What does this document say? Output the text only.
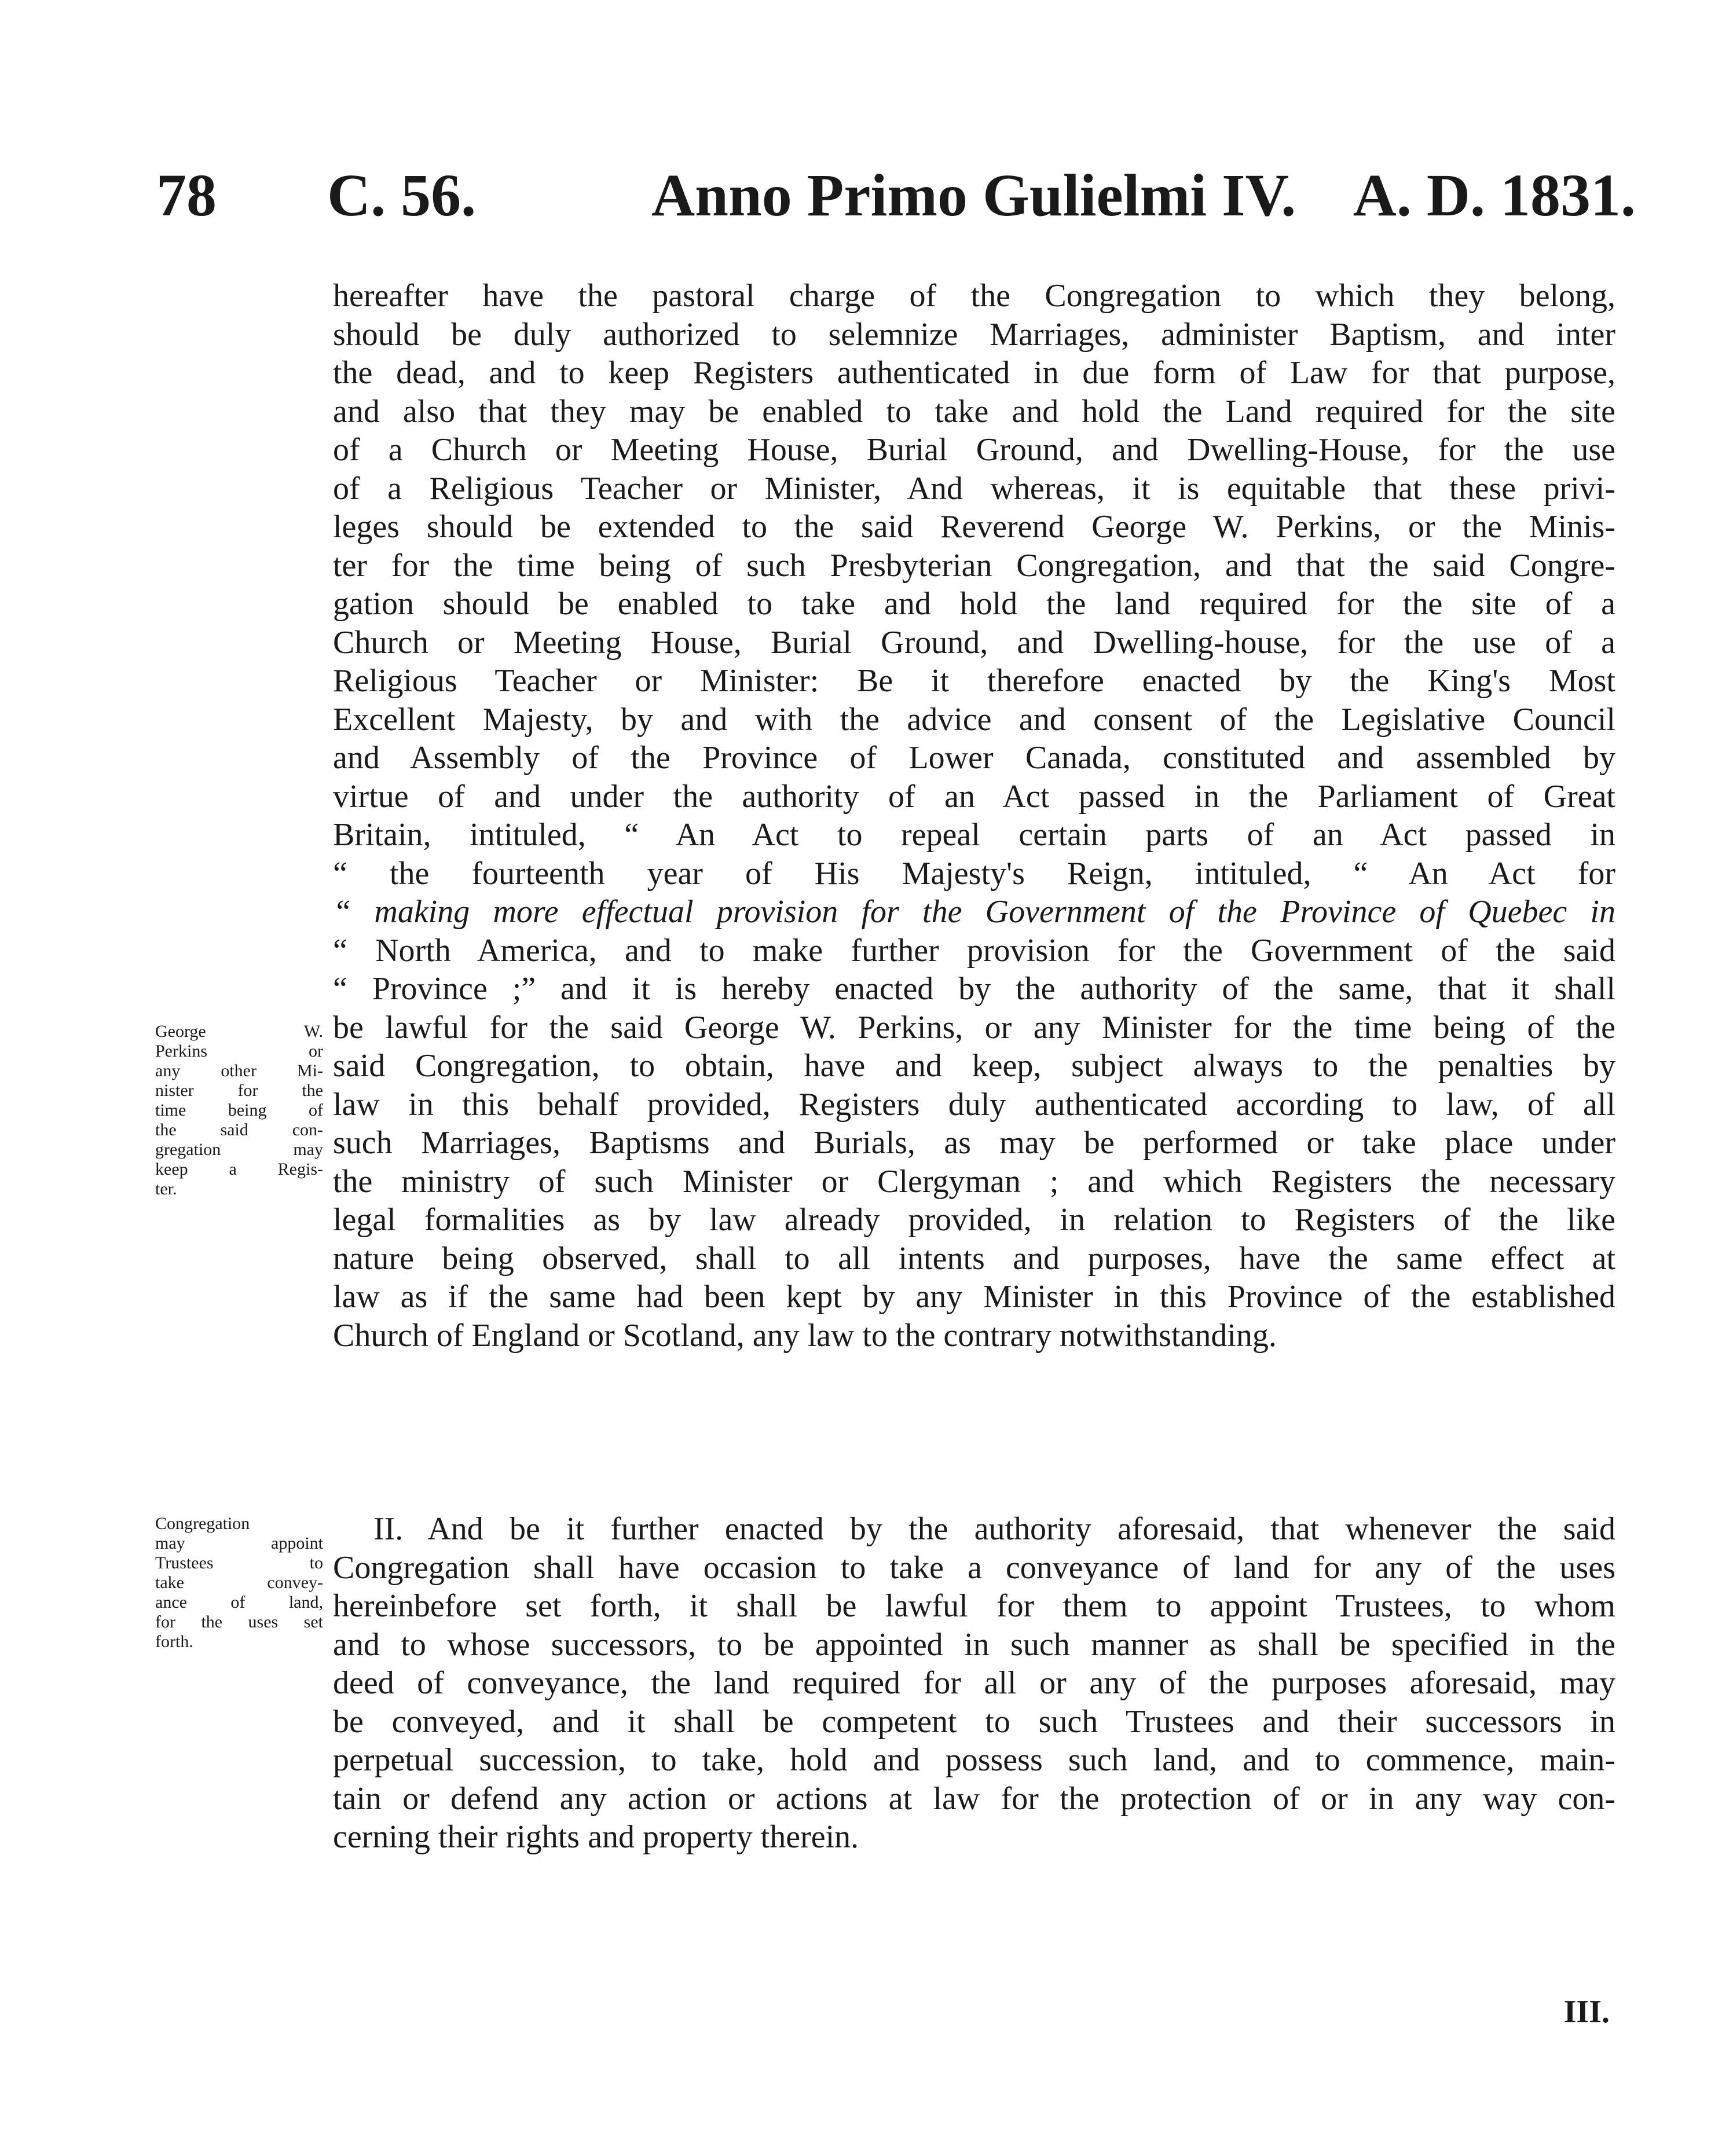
78 C. 56.	Anno Primo Gulielmi IV. A. D. 1831.
hereafter have the pastoral charge of the Congregation to which they belong,
should be duly authorized to selemnize Marriages, administer Baptism, and inter
the dead, and to keep Registers authenticated in due form of Law for that purpose,
and also that they may be enabled to take and hold the Land required for the site
of a Church or Meeting House, Burial Ground, and Dwelling-House, for the use
of a Religious Teacher or Minister, And whereas, it is equitable that these privi-
leges should be extended to the said Reverend George W. Perkins, or the Minis-
ter for the time being of such Presbyterian Congregation, and that the said Congre-
gation should be enabled to take and hold the land required for the site of a
Church or Meeting House, Burial Ground, and Dwelling-house, for the use of a
Religious Teacher or Minister: Be it therefore enacted by the King's Most
Excellent Majesty, by and with the advice and consent of the Legislative Council
and Assembly of the Province of Lower Canada, constituted and assembled by
virtue of and under the authority of an Act passed in the Parliament of Great
Britain, intituled, “ An Act to repeal certain parts of an Act passed in
“ the fourteenth year of His Majesty's Reign, intituled, “ An Act for
“ making more effectual provision for the Government of the Province of Quebec in
“ North America, and to make further provision for the Government of the said
“ Province ;” and it is hereby enacted by the authority of the same, that it shall
be lawful for the said George W. Perkins, or any Minister for the time being of the
said Congregation, to obtain, have and keep, subject always to the penalties by
law in this behalf provided, Registers duly authenticated according to law, of all
such Marriages, Baptisms and Burials, as may be performed or take place under
the ministry of such Minister or Clergyman ; and which Registers the necessary
legal formalities as by law already provided, in relation to Registers of the like
nature being observed, shall to all intents and purposes, have the same effect at
law as if the same had been kept by any Minister in this Province of the established
Church of England or Scotland, any law to the contrary notwithstanding.
George W.
Perkins or
any other Mi-
nister for the
time being of
the said con-
gregation may
keep a Regis-
ter.
II. And be it further enacted by the authority aforesaid, that whenever the said
Congregation shall have occasion to take a conveyance of land for any of the uses
hereinbefore set forth, it shall be lawful for them to appoint Trustees, to whom
and to whose successors, to be appointed in such manner as shall be specified in the
deed of conveyance, the land required for all or any of the purposes aforesaid, may
be conveyed, and it shall be competent to such Trustees and their successors in
perpetual succession, to take, hold and possess such land, and to commence, main-
tain or defend any action or actions at law for the protection of or in any way con-
cerning their rights and property therein.
Congregation
may appoint
Trustees to
take convey-
ance of land,
for the uses set
forth.
III.
